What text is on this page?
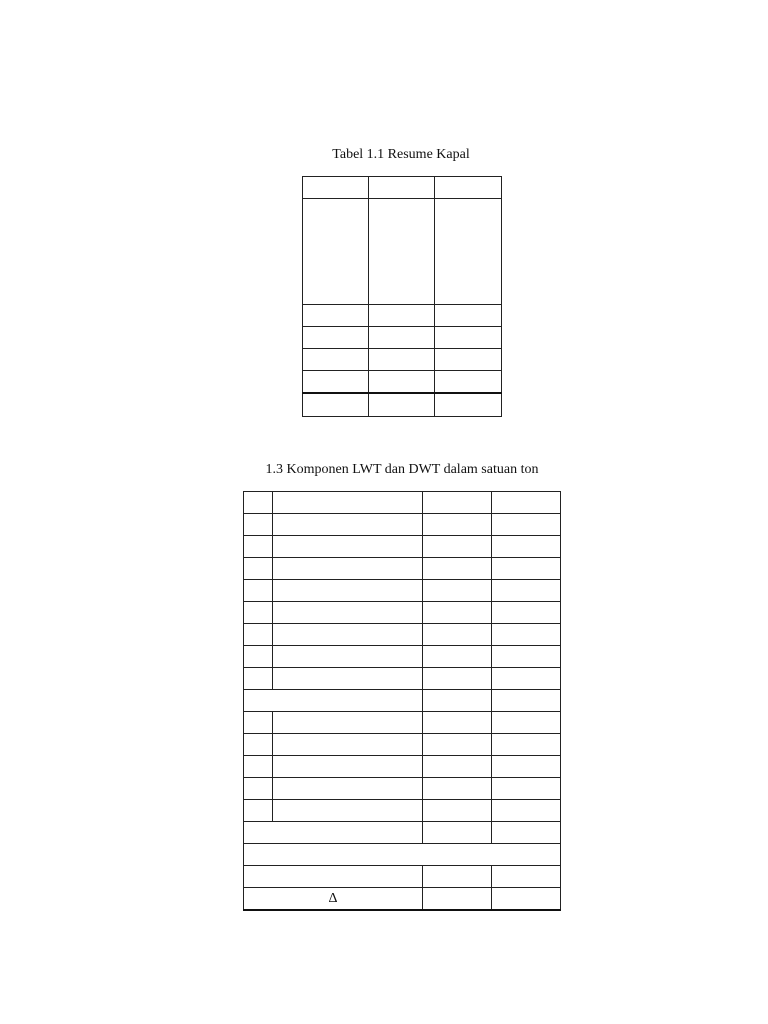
Tabel 1.1 Resume Kapal

1.3 Komponen LWT dan DWT dalam satuan ton

Δ			
